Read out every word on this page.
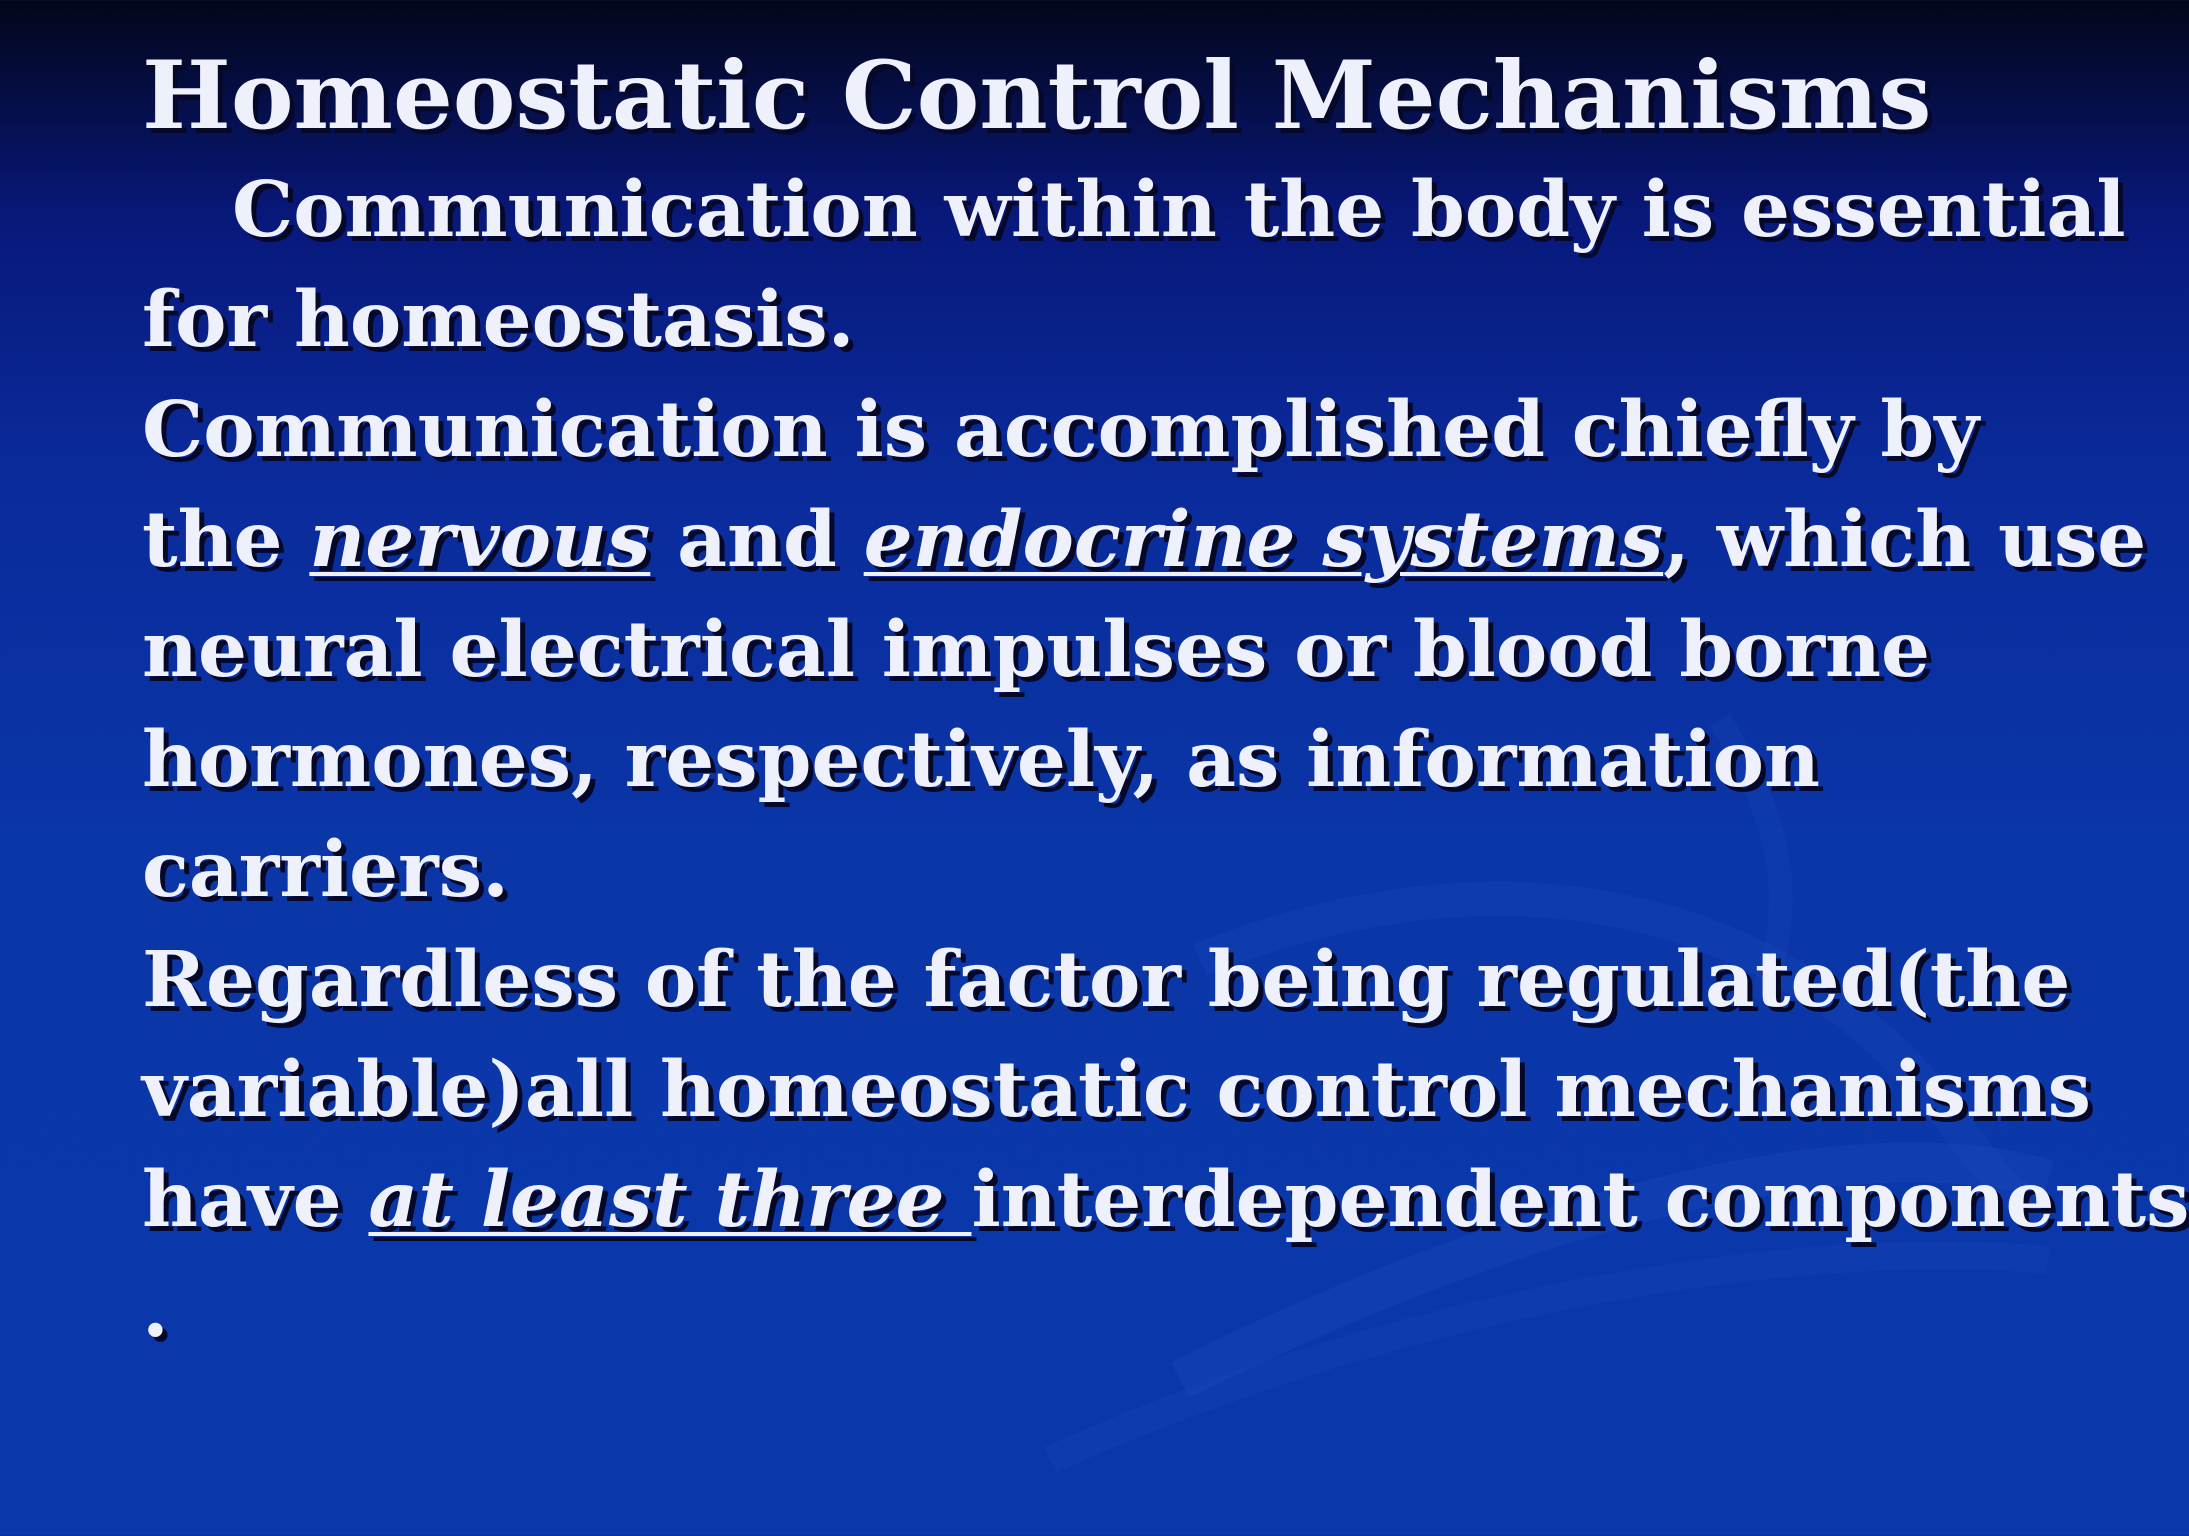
Homeostatic Control Mechanisms
Communication within the body is essential
for homeostasis.
Communication is accomplished chiefly by
the nervous and endocrine systems, which use
neural electrical impulses or blood borne
hormones, respectively, as information
carriers.
Regardless of the factor being regulated(the
variable)all homeostatic control mechanisms
have at least three interdependent components
.
